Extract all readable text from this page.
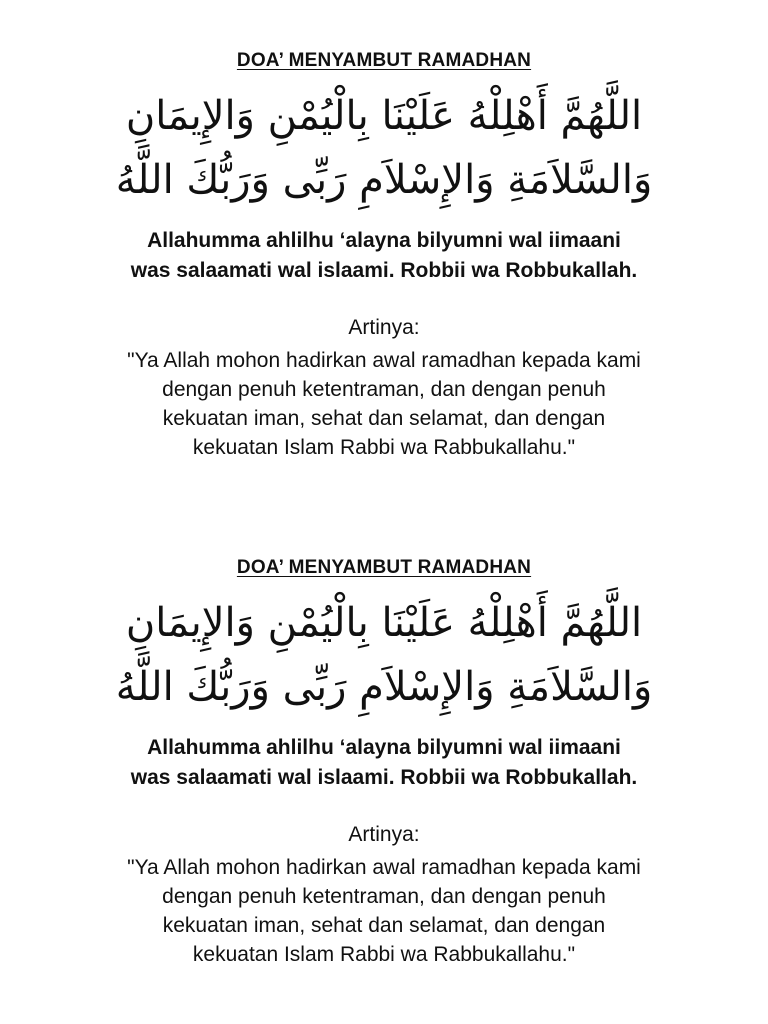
DOA’ MENYAMBUT RAMADHAN
اللَّهُمَّ أَهْلِلْهُ عَلَيْنَا بِالْيُمْنِ وَالإِيمَانِ
وَالسَّلاَمَةِ وَالإِسْلاَمِ رَبِّى وَرَبُّكَ اللَّهُ
Allahumma ahlilhu ‘alayna bilyumni wal iimaani
was salaamati wal islaami. Robbii wa Robbukallah.
Artinya:
"Ya Allah mohon hadirkan awal ramadhan kepada kami
dengan penuh ketentraman, dan dengan penuh
kekuatan iman, sehat dan selamat, dan dengan
kekuatan Islam Rabbi wa Rabbukallahu."
DOA’ MENYAMBUT RAMADHAN
اللَّهُمَّ أَهْلِلْهُ عَلَيْنَا بِالْيُمْنِ وَالإِيمَانِ
وَالسَّلاَمَةِ وَالإِسْلاَمِ رَبِّى وَرَبُّكَ اللَّهُ
Allahumma ahlilhu ‘alayna bilyumni wal iimaani
was salaamati wal islaami. Robbii wa Robbukallah.
Artinya:
"Ya Allah mohon hadirkan awal ramadhan kepada kami
dengan penuh ketentraman, dan dengan penuh
kekuatan iman, sehat dan selamat, dan dengan
kekuatan Islam Rabbi wa Rabbukallahu."
